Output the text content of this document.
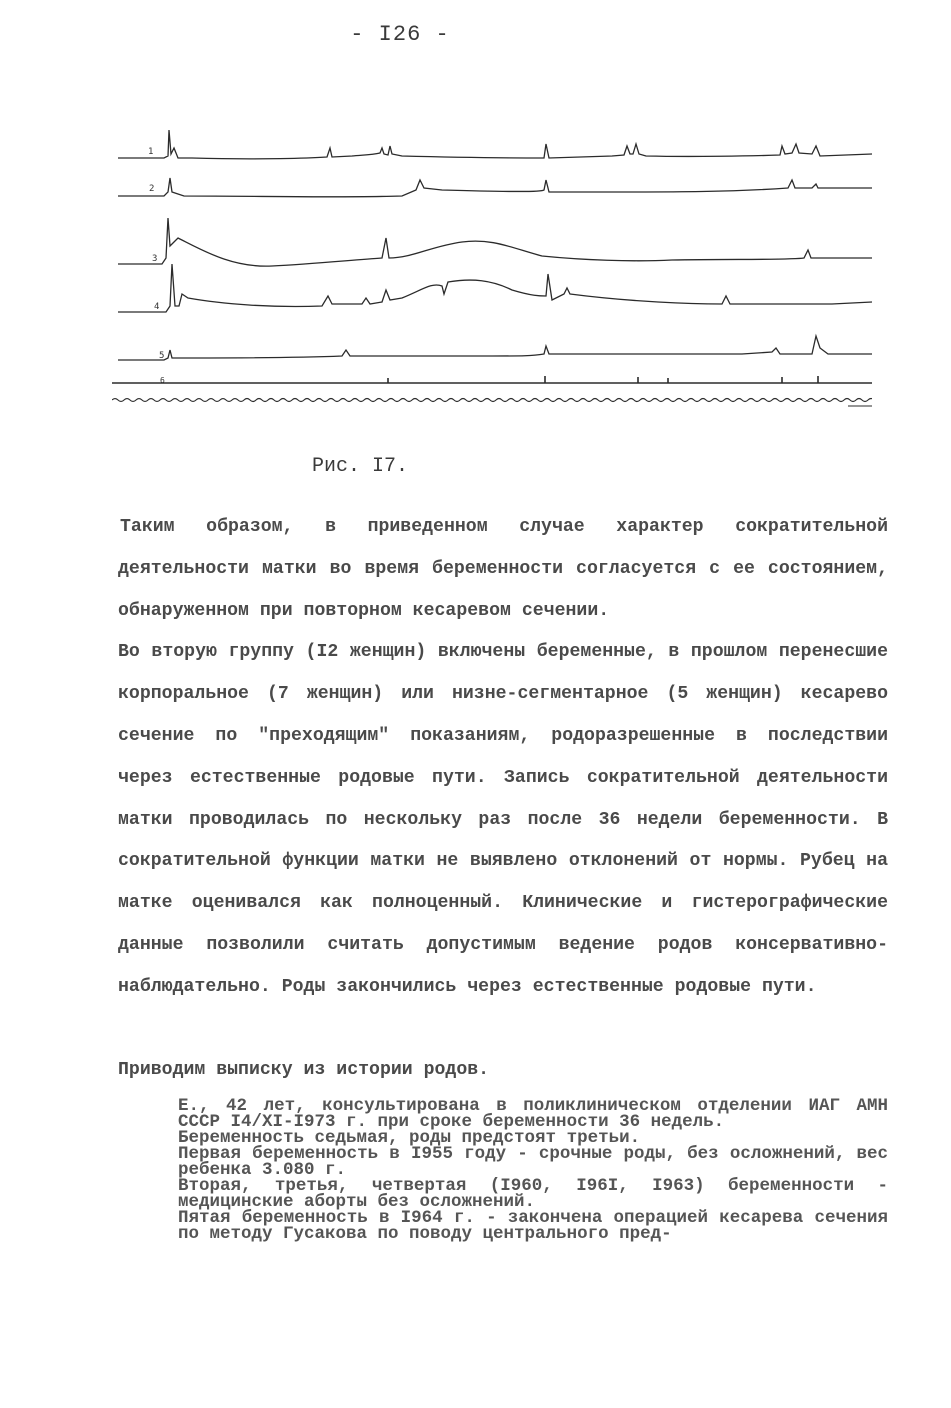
- I26 -
1
2
3
4
5
6
Рис. I7.

Таким образом, в приведенном случае характер сократительной деятельности матки во время беременности согласуется с ее состоянием, обнаруженном при повторном кесаревом сечении.

Во вторую группу (I2 женщин) включены беременные, в прошлом перенесшие корпоральное (7 женщин) или низне-сегментарное (5 женщин) кесарево сечение по "преходящим" показаниям, родоразрешенные в последствии через естественные родовые пути. Запись сократительной деятельности матки проводилась по нескольку раз после 36 недели беременности. В сократительной функции матки не выявлено отклонений от нормы. Рубец на матке оценивался как полноценный. Клинические и гистерографические данные позволили считать допустимым ведение родов консервативно- наблюдательно. Роды закончились через естественные родовые пути.

Приводим выписку из истории родов.

Е., 42 лет, консультирована в поликлиническом отделении ИАГ АМН СССР I4/XI-I973 г. при сроке беременности 36 недель.

Беременность седьмая, роды предстоят третьи.

Первая беременность в I955 году - срочные роды, без осложнений, вес ребенка 3.080 г.

Вторая, третья, четвертая (I960, I96I, I963) беременности - медицинские аборты без осложнений.

Пятая беременность в I964 г. - закончена операцией кесарева сечения по методу Гусакова по поводу центрального пред-
